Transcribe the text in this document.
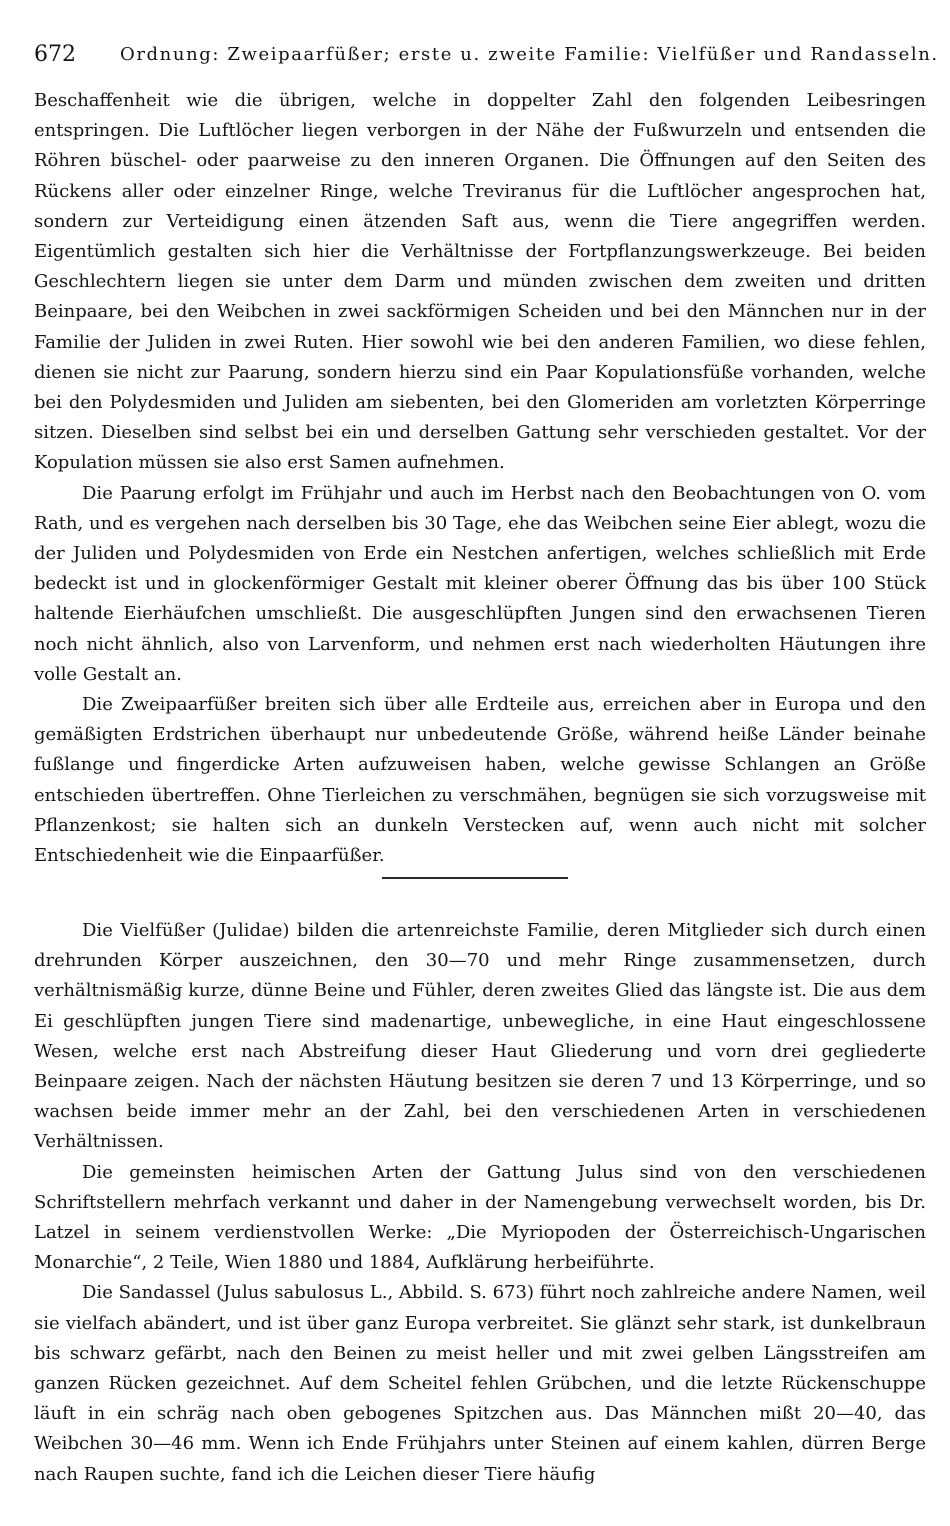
672 Ordnung: Zweipaarfüßer; erste u. zweite Familie: Vielfüßer und Randasseln.

Beschaffenheit wie die übrigen, welche in doppelter Zahl den folgenden Leibesringen entspringen. Die Luftlöcher liegen verborgen in der Nähe der Fußwurzeln und entsenden die Röhren büschel- oder paarweise zu den inneren Organen. Die Öffnungen auf den Seiten des Rückens aller oder einzelner Ringe, welche Treviranus für die Luftlöcher angesprochen hat, sondern zur Verteidigung einen ätzenden Saft aus, wenn die Tiere angegriffen werden. Eigentümlich gestalten sich hier die Verhältnisse der Fortpflanzungswerkzeuge. Bei beiden Geschlechtern liegen sie unter dem Darm und münden zwischen dem zweiten und dritten Beinpaare, bei den Weibchen in zwei sackförmigen Scheiden und bei den Männchen nur in der Familie der Juliden in zwei Ruten. Hier sowohl wie bei den anderen Familien, wo diese fehlen, dienen sie nicht zur Paarung, sondern hierzu sind ein Paar Kopulationsfüße vorhanden, welche bei den Polydesmiden und Juliden am siebenten, bei den Glomeriden am vorletzten Körperringe sitzen. Dieselben sind selbst bei ein und derselben Gattung sehr verschieden gestaltet. Vor der Kopulation müssen sie also erst Samen aufnehmen.

Die Paarung erfolgt im Frühjahr und auch im Herbst nach den Beobachtungen von O. vom Rath, und es vergehen nach derselben bis 30 Tage, ehe das Weibchen seine Eier ablegt, wozu die der Juliden und Polydesmiden von Erde ein Nestchen anfertigen, welches schließlich mit Erde bedeckt ist und in glockenförmiger Gestalt mit kleiner oberer Öffnung das bis über 100 Stück haltende Eierhäufchen umschließt. Die ausgeschlüpften Jungen sind den erwachsenen Tieren noch nicht ähnlich, also von Larvenform, und nehmen erst nach wiederholten Häutungen ihre volle Gestalt an.

Die Zweipaarfüßer breiten sich über alle Erdteile aus, erreichen aber in Europa und den gemäßigten Erdstrichen überhaupt nur unbedeutende Größe, während heiße Länder beinahe fußlange und fingerdicke Arten aufzuweisen haben, welche gewisse Schlangen an Größe entschieden übertreffen. Ohne Tierleichen zu verschmähen, begnügen sie sich vorzugsweise mit Pflanzenkost; sie halten sich an dunkeln Verstecken auf, wenn auch nicht mit solcher Entschiedenheit wie die Einpaarfüßer.

Die Vielfüßer (Julidae) bilden die artenreichste Familie, deren Mitglieder sich durch einen drehrunden Körper auszeichnen, den 30—70 und mehr Ringe zusammensetzen, durch verhältnismäßig kurze, dünne Beine und Fühler, deren zweites Glied das längste ist. Die aus dem Ei geschlüpften jungen Tiere sind madenartige, unbewegliche, in eine Haut eingeschlossene Wesen, welche erst nach Abstreifung dieser Haut Gliederung und vorn drei gegliederte Beinpaare zeigen. Nach der nächsten Häutung besitzen sie deren 7 und 13 Körperringe, und so wachsen beide immer mehr an der Zahl, bei den verschiedenen Arten in verschiedenen Verhältnissen.

Die gemeinsten heimischen Arten der Gattung Julus sind von den verschiedenen Schriftstellern mehrfach verkannt und daher in der Namengebung verwechselt worden, bis Dr. Latzel in seinem verdienstvollen Werke: „Die Myriopoden der Österreichisch-Ungarischen Monarchie“, 2 Teile, Wien 1880 und 1884, Aufklärung herbeiführte.

Die Sandassel (Julus sabulosus L., Abbild. S. 673) führt noch zahlreiche andere Namen, weil sie vielfach abändert, und ist über ganz Europa verbreitet. Sie glänzt sehr stark, ist dunkelbraun bis schwarz gefärbt, nach den Beinen zu meist heller und mit zwei gelben Längsstreifen am ganzen Rücken gezeichnet. Auf dem Scheitel fehlen Grübchen, und die letzte Rückenschuppe läuft in ein schräg nach oben gebogenes Spitzchen aus. Das Männchen mißt 20—40, das Weibchen 30—46 mm. Wenn ich Ende Frühjahrs unter Steinen auf einem kahlen, dürren Berge nach Raupen suchte, fand ich die Leichen dieser Tiere häufig
